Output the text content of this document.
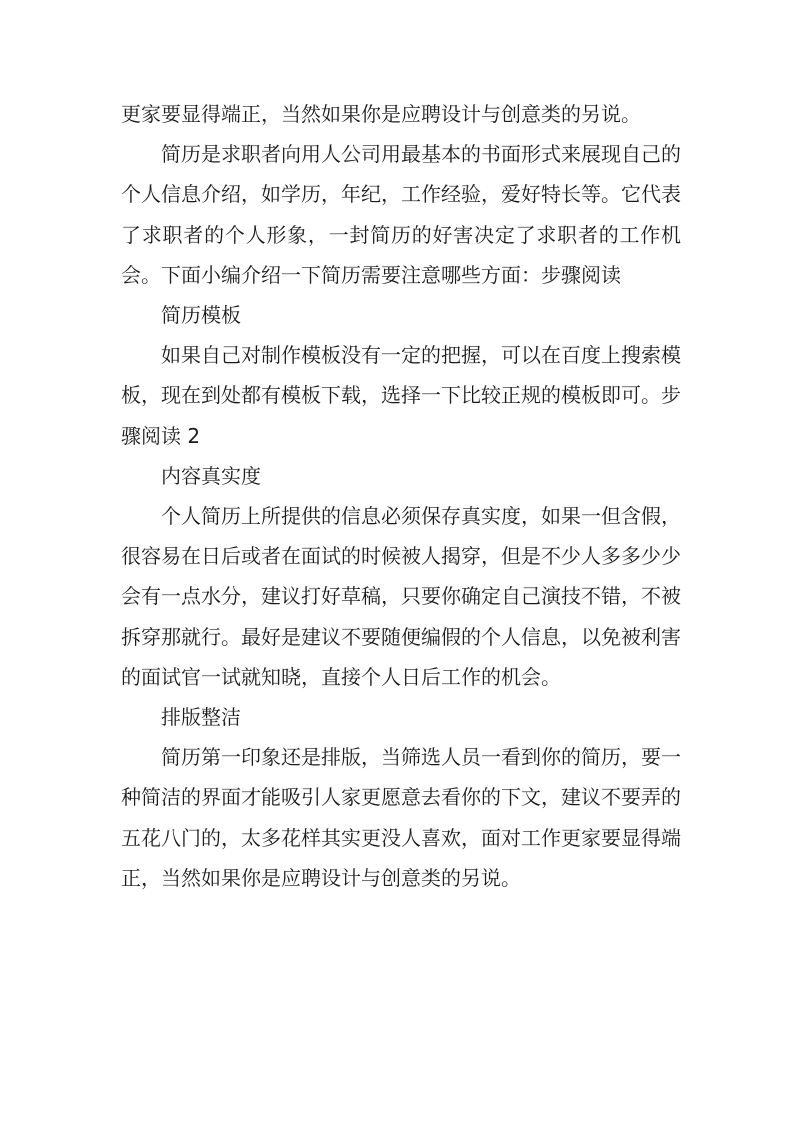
更家要显得端正，当然如果你是应聘设计与创意类的另说。

简历是求职者向用人公司用最基本的书面形式来展现自己的个人信息介绍，如学历，年纪，工作经验，爱好特长等。它代表了求职者的个人形象，一封简历的好害决定了求职者的工作机会。下面小编介绍一下简历需要注意哪些方面：步骤阅读

简历模板

如果自己对制作模板没有一定的把握，可以在百度上搜索模板，现在到处都有模板下载，选择一下比较正规的模板即可。步骤阅读 2

内容真实度

个人简历上所提供的信息必须保存真实度，如果一但含假，很容易在日后或者在面试的时候被人揭穿，但是不少人多多少少会有一点水分，建议打好草稿，只要你确定自己演技不错，不被拆穿那就行。最好是建议不要随便编假的个人信息，以免被利害的面试官一试就知晓，直接个人日后工作的机会。

排版整洁

简历第一印象还是排版，当筛选人员一看到你的简历，要一种简洁的界面才能吸引人家更愿意去看你的下文，建议不要弄的五花八门的，太多花样其实更没人喜欢，面对工作更家要显得端正，当然如果你是应聘设计与创意类的另说。
